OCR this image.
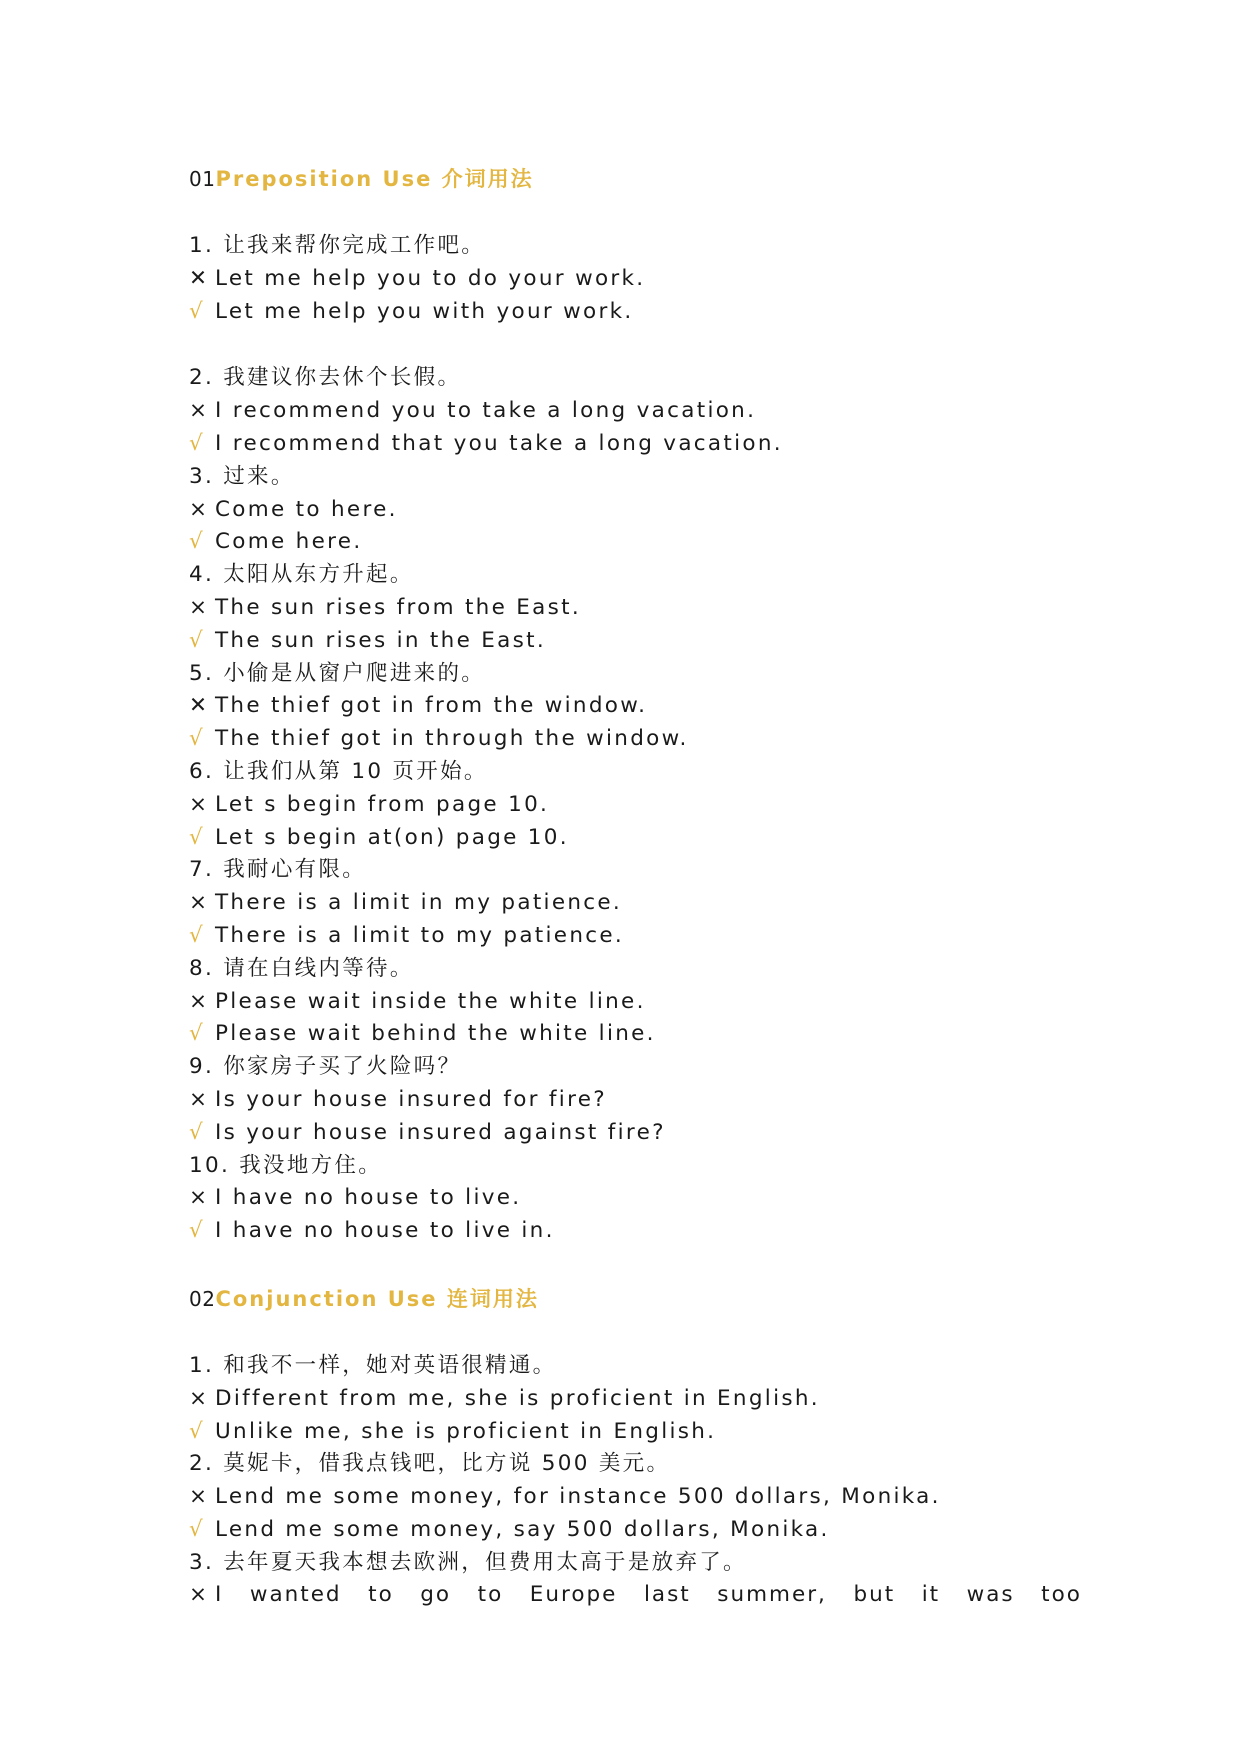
01Preposition Use 介词用法
1. 让我来帮你完成工作吧。
✕ Let me help you to do your work.
√ Let me help you with your work.
2. 我建议你去休个长假。
× I recommend you to take a long vacation.
√ I recommend that you take a long vacation.
3. 过来。
× Come to here.
√ Come here.
4. 太阳从东方升起。
× The sun rises from the East.
√ The sun rises in the East.
5. 小偷是从窗户爬进来的。
✕ The thief got in from the window.
√ The thief got in through the window.
6. 让我们从第 10 页开始。
× Let s begin from page 10.
√ Let s begin at(on) page 10.
7. 我耐心有限。
× There is a limit in my patience.
√ There is a limit to my patience.
8. 请在白线内等待。
× Please wait inside the white line.
√ Please wait behind the white line.
9. 你家房子买了火险吗？
× Is your house insured for fire?
√ Is your house insured against fire?
10. 我没地方住。
× I have no house to live.
√ I have no house to live in.
02Conjunction Use 连词用法
1. 和我不一样，她对英语很精通。
× Different from me, she is proficient in English.
√ Unlike me, she is proficient in English.
2. 莫妮卡，借我点钱吧，比方说 500 美元。
× Lend me some money, for instance 500 dollars, Monika.
√ Lend me some money, say 500 dollars, Monika.
3. 去年夏天我本想去欧洲，但费用太高于是放弃了。
× I wanted to go to Europe last summer, but it was too
